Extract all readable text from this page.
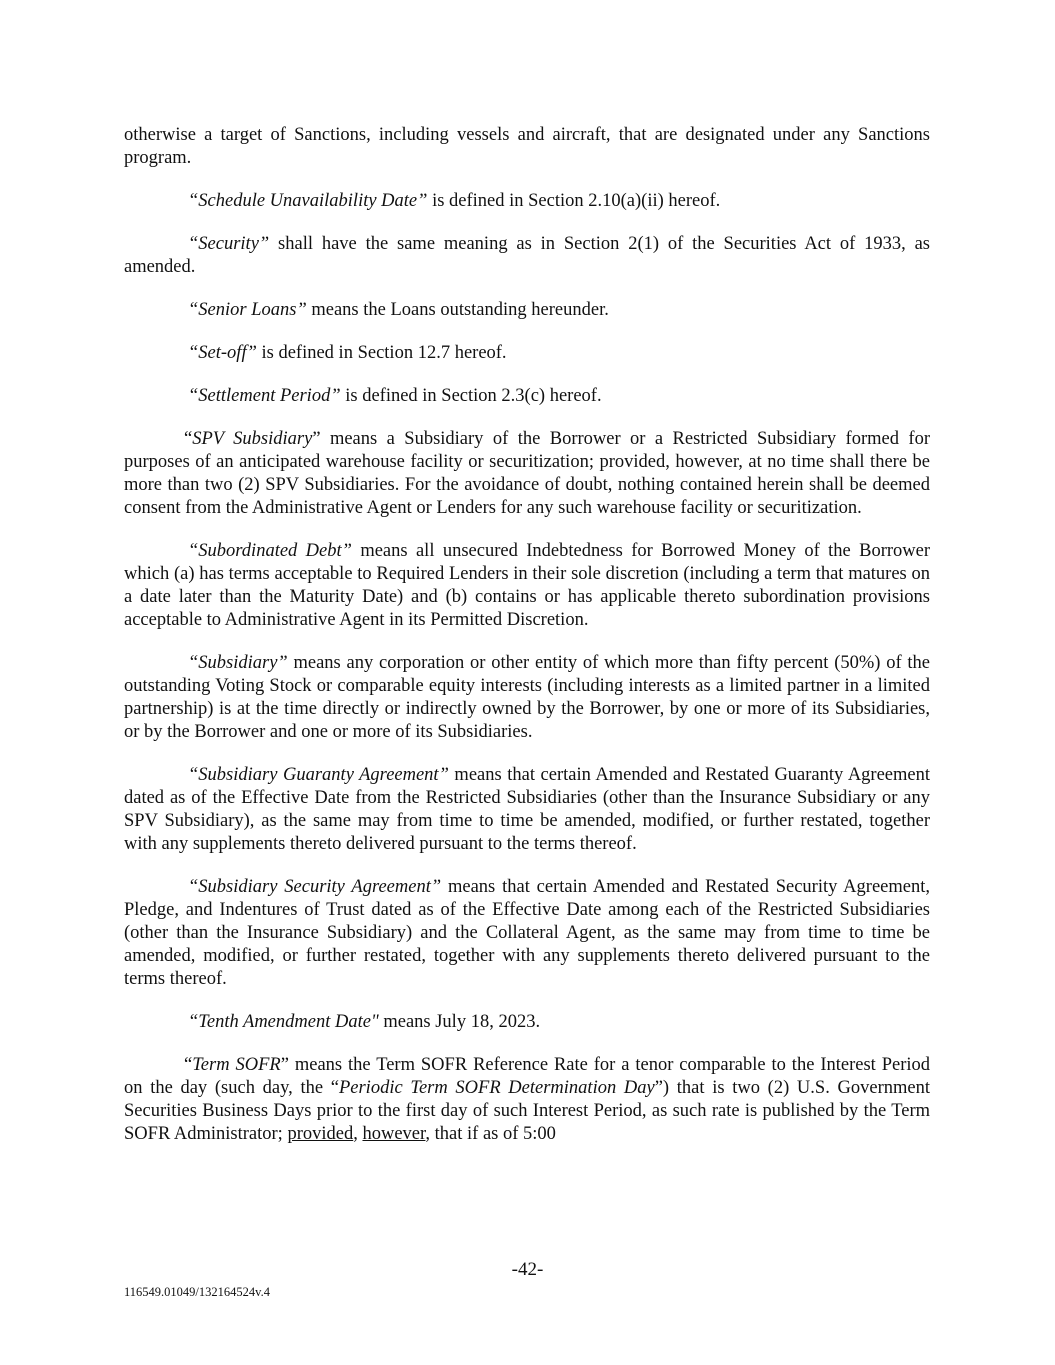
otherwise a target of Sanctions, including vessels and aircraft, that are designated under any Sanctions program.

“Schedule Unavailability Date” is defined in Section 2.10(a)(ii) hereof.

“Security” shall have the same meaning as in Section 2(1) of the Securities Act of 1933, as amended.

“Senior Loans” means the Loans outstanding hereunder.

“Set-off” is defined in Section 12.7 hereof.

“Settlement Period” is defined in Section 2.3(c) hereof.

“SPV Subsidiary” means a Subsidiary of the Borrower or a Restricted Subsidiary formed for purposes of an anticipated warehouse facility or securitization; provided, however, at no time shall there be more than two (2) SPV Subsidiaries. For the avoidance of doubt, nothing contained herein shall be deemed consent from the Administrative Agent or Lenders for any such warehouse facility or securitization.

“Subordinated Debt” means all unsecured Indebtedness for Borrowed Money of the Borrower which (a) has terms acceptable to Required Lenders in their sole discretion (including a term that matures on a date later than the Maturity Date) and (b) contains or has applicable thereto subordination provisions acceptable to Administrative Agent in its Permitted Discretion.

“Subsidiary” means any corporation or other entity of which more than fifty percent (50%) of the outstanding Voting Stock or comparable equity interests (including interests as a limited partner in a limited partnership) is at the time directly or indirectly owned by the Borrower, by one or more of its Subsidiaries, or by the Borrower and one or more of its Subsidiaries.

“Subsidiary Guaranty Agreement” means that certain Amended and Restated Guaranty Agreement dated as of the Effective Date from the Restricted Subsidiaries (other than the Insurance Subsidiary or any SPV Subsidiary), as the same may from time to time be amended, modified, or further restated, together with any supplements thereto delivered pursuant to the terms thereof.

“Subsidiary Security Agreement” means that certain Amended and Restated Security Agreement, Pledge, and Indentures of Trust dated as of the Effective Date among each of the Restricted Subsidiaries (other than the Insurance Subsidiary) and the Collateral Agent, as the same may from time to time be amended, modified, or further restated, together with any supplements thereto delivered pursuant to the terms thereof.

“Tenth Amendment Date" means July 18, 2023.

“Term SOFR” means the Term SOFR Reference Rate for a tenor comparable to the Interest Period on the day (such day, the “Periodic Term SOFR Determination Day”) that is two (2) U.S. Government Securities Business Days prior to the first day of such Interest Period, as such rate is published by the Term SOFR Administrator; provided, however, that if as of 5:00

-42-
116549.01049/132164524v.4
